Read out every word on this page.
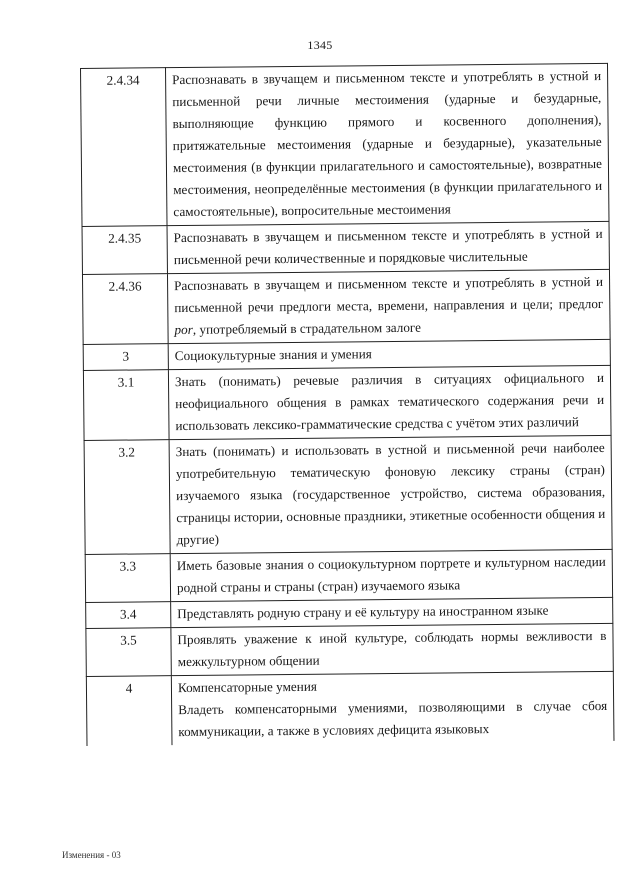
1345
2.4.34	Распознавать в звучащем и письменном тексте и употреблять в устной и письменной речи личные местоимения (ударные и безударные, выполняющие функцию прямого и косвенного дополнения), притяжательные местоимения (ударные и безударные), указательные местоимения (в функции прилагательного и самостоятельные), возвратные местоимения, неопределённые местоимения (в функции прилагательного и самостоятельные), вопросительные местоимения
2.4.35	Распознавать в звучащем и письменном тексте и употреблять в устной и письменной речи количественные и порядковые числительные
2.4.36	Распознавать в звучащем и письменном тексте и употреблять в устной и письменной речи предлоги места, времени, направления и цели; предлог por, употребляемый в страдательном залоге
3	Социокультурные знания и умения
3.1	Знать (понимать) речевые различия в ситуациях официального и неофициального общения в рамках тематического содержания речи и использовать лексико-грамматические средства с учётом этих различий
3.2	Знать (понимать) и использовать в устной и письменной речи наиболее употребительную тематическую фоновую лексику страны (стран) изучаемого языка (государственное устройство, система образования, страницы истории, основные праздники, этикетные особенности общения и другие)
3.3	Иметь базовые знания о социокультурном портрете и культурном наследии родной страны и страны (стран) изучаемого языка
3.4	Представлять родную страну и её культуру на иностранном языке
3.5	Проявлять уважение к иной культуре, соблюдать нормы вежливости в межкультурном общении
4	Компенсаторные умения
Владеть компенсаторными умениями, позволяющими в случае сбоя коммуникации, а также в условиях дефицита языковых
Изменения - 03
